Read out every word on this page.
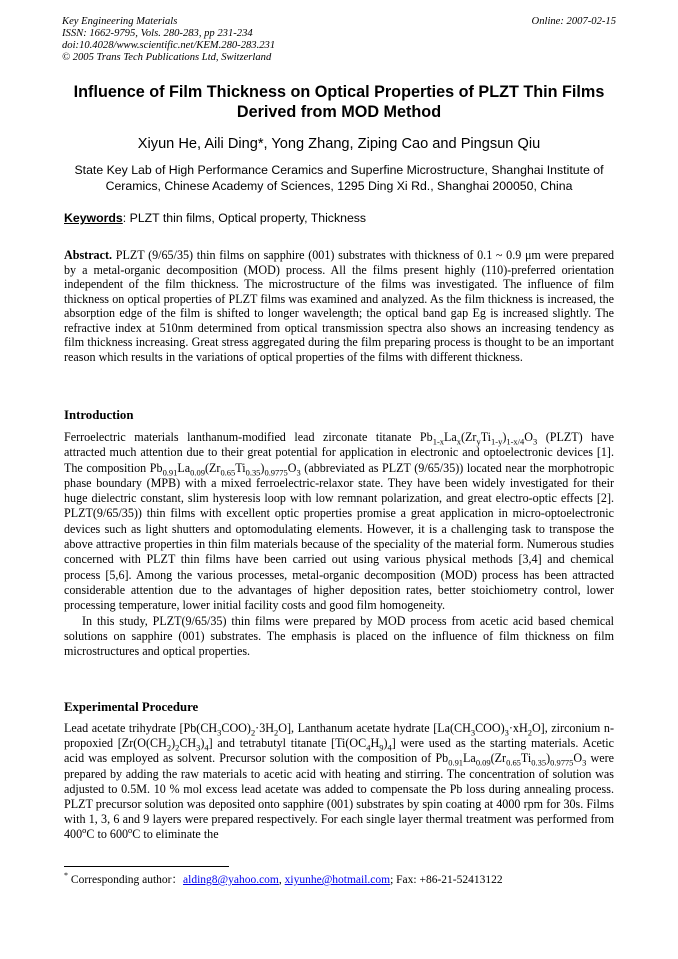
Key Engineering Materials
ISSN: 1662-9795, Vols. 280-283, pp 231-234
doi:10.4028/www.scientific.net/KEM.280-283.231
© 2005 Trans Tech Publications Ltd, Switzerland
Online: 2007-02-15
Influence of Film Thickness on Optical Properties of PLZT Thin Films Derived from MOD Method
Xiyun He, Aili Ding*, Yong Zhang, Ziping Cao and Pingsun Qiu
State Key Lab of High Performance Ceramics and Superfine Microstructure, Shanghai Institute of Ceramics, Chinese Academy of Sciences, 1295 Ding Xi Rd., Shanghai 200050, China
Keywords: PLZT thin films, Optical property, Thickness
Abstract. PLZT (9/65/35) thin films on sapphire (001) substrates with thickness of 0.1 ~ 0.9 μm were prepared by a metal-organic decomposition (MOD) process. All the films present highly (110)-preferred orientation independent of the film thickness. The microstructure of the films was investigated. The influence of film thickness on optical properties of PLZT films was examined and analyzed. As the film thickness is increased, the absorption edge of the film is shifted to longer wavelength; the optical band gap Eg is increased slightly. The refractive index at 510nm determined from optical transmission spectra also shows an increasing tendency as film thickness increasing. Great stress aggregated during the film preparing process is thought to be an important reason which results in the variations of optical properties of the films with different thickness.
Introduction

Ferroelectric materials lanthanum-modified lead zirconate titanate $Pb_{1-x}La_x(Zr_yTi_{1-y})_{1-x/4}O_3$ (PLZT) have attracted much attention due to their great potential for application in electronic and optoelectronic devices [1]. The composition $Pb_{0.91}La_{0.09}(Zr_{0.65}Ti_{0.35})_{0.9775}O_3$ (abbreviated as PLZT (9/65/35)) located near the morphotropic phase boundary (MPB) with a mixed ferroelectric-relaxor state. They have been widely investigated for their huge dielectric constant, slim hysteresis loop with low remnant polarization, and great electro-optic effects [2]. PLZT(9/65/35)) thin films with excellent optic properties promise a great application in micro-optoelectronic devices such as light shutters and optomodulating elements. However, it is a challenging task to transpose the above attractive properties in thin film materials because of the speciality of the material form. Numerous studies concerned with PLZT thin films have been carried out using various physical methods [3,4] and chemical process [5,6]. Among the various processes, metal-organic decomposition (MOD) process has been attracted considerable attention due to the advantages of higher deposition rates, better stoichiometry control, lower processing temperature, lower initial facility costs and good film homogeneity.

In this study, PLZT(9/65/35) thin films were prepared by MOD process from acetic acid based chemical solutions on sapphire (001) substrates. The emphasis is placed on the influence of film thickness on film microstructures and optical properties.

Experimental Procedure
Lead acetate trihydrate $[Pb(CH_3COO)_2\cdot 3H_2O]$, Lanthanum acetate hydrate $[La(CH_3COO)_3\cdot xH_2O]$, zirconium n-propoxied $[Zr(O(CH_2)_2CH_3)_4]$ and tetrabutyl titanate $[Ti(OC_4H_9)_4]$ were used as the starting materials. Acetic acid was employed as solvent. Precursor solution with the composition of $Pb_{0.91}La_{0.09}(Zr_{0.65}Ti_{0.35})_{0.9775}O_3$ were prepared by adding the raw materials to acetic acid with heating and stirring. The concentration of solution was adjusted to 0.5M. 10 % mol excess lead acetate was added to compensate the Pb loss during annealing process. PLZT precursor solution was deposited onto sapphire (001) substrates by spin coating at 4000 rpm for 30s. Films with 1, 3, 6 and 9 layers were prepared respectively. For each single layer thermal treatment was performed from 400$^o$C to 600$^o$C to eliminate the
* Corresponding author：alding8@yahoo.com, xiyunhe@hotmail.com; Fax: +86-21-52413122
